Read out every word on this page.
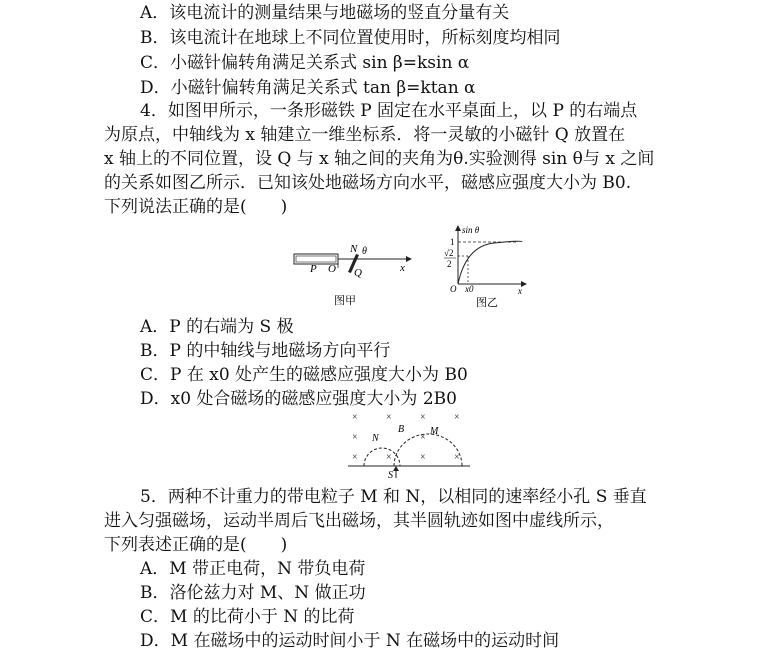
A．该电流计的测量结果与地磁场的竖直分量有关
B．该电流计在地球上不同位置使用时，所标刻度均相同
C．小磁针偏转角满足关系式 sin β=ksin α
D．小磁针偏转角满足关系式 tan β=ktan α
4．如图甲所示，一条形磁铁 P 固定在水平桌面上，以 P 的右端点
为原点，中轴线为 x 轴建立一维坐标系．将一灵敏的小磁针 Q 放置在
x 轴上的不同位置，设 Q 与 x 轴之间的夹角为θ.实验测得 sin θ与 x 之间
的关系如图乙所示．已知该处地磁场方向水平，磁感应强度大小为 B0.
下列说法正确的是(　　)
P O
N θ
Q	x
图甲
sin θ
1
√2
2
O x0	x
图乙
A．P 的右端为 S 极
B．P 的中轴线与地磁场方向平行
C．P 在 x0 处产生的磁感应强度大小为 B0
D．x0 处合磁场的磁感应强度大小为 2B0
×	×	×	×
×	×
×	×	×	×
B
N
M
S
5．两种不计重力的带电粒子 M 和 N，以相同的速率经小孔 S 垂直
进入匀强磁场，运动半周后飞出磁场，其半圆轨迹如图中虚线所示，
下列表述正确的是(　　)
A．M 带正电荷，N 带负电荷
B．洛伦兹力对 M、N 做正功
C．M 的比荷小于 N 的比荷
D．M 在磁场中的运动时间小于 N 在磁场中的运动时间
